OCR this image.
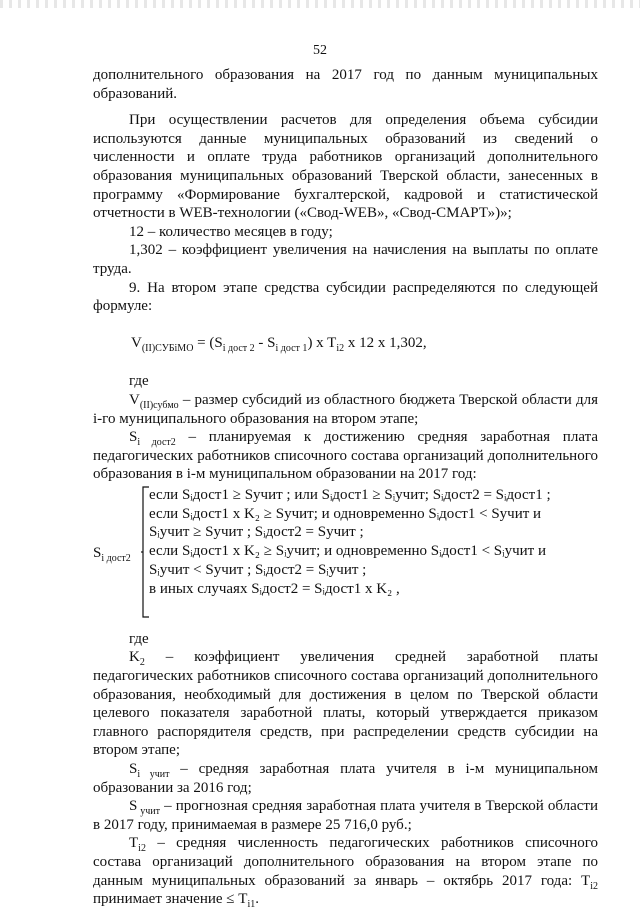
52

дополнительного образования на 2017 год по данным муниципальных образований.

При осуществлении расчетов для определения объема субсидии используются данные муниципальных образований из сведений о численности и оплате труда работников организаций дополнительного образования муниципальных образований Тверской области, занесенных в программу «Формирование бухгалтерской, кадровой и статистической отчетности в WEB-технологии («Свод-WEB», «Свод-СМАРТ»)»;

12 – количество месяцев в году;

1,302 – коэффициент увеличения на начисления на выплаты по оплате труда.

9. На втором этапе средства субсидии распределяются по следующей формуле:

$V_{(II)СУБiМО} = (S_{i дост 2} - S_{i дост 1})$ x $T_{i2}$ x 12 x 1,302,

где

$V_{(II)субмо}$ – размер субсидий из областного бюджета Тверской области для i-го муниципального образования на втором этапе;

$S_{i дост2}$ – планируемая к достижению средняя заработная плата педагогических работников списочного состава организаций дополнительного образования в i-м муниципальном образовании на 2017 год:

$S_{i дост2}$
если Sᵢдост1 ≥ Sучит ; или Sᵢдост1 ≥ Sᵢучит; Sᵢдост2 = Sᵢдост1 ;
если Sᵢдост1 x K₂ ≥ Sучит; и одновременно Sᵢдост1 < Sучит и
Sᵢучит ≥ Sучит ; Sᵢдост2 = Sучит ;
если Sᵢдост1 x K₂ ≥ Sᵢучит; и одновременно Sᵢдост1 < Sᵢучит и
Sᵢучит < Sучит ; Sᵢдост2 = Sᵢучит ;
в иных случаях Sᵢдост2 = Sᵢдост1 x K₂ ,

где

$K_2$ – коэффициент увеличения средней заработной платы педагогических работников списочного состава организаций дополнительного образования, необходимый для достижения в целом по Тверской области целевого показателя заработной платы, который утверждается приказом главного распорядителя средств, при распределении средств субсидии на втором этапе;

$S_{i учит}$ – средняя заработная плата учителя в i-м муниципальном образовании за 2016 год;

S $_{учит}$ – прогнозная средняя заработная плата учителя в Тверской области в 2017 году, принимаемая в размере 25 716,0 руб.;

$T_{i2}$ – средняя численность педагогических работников списочного состава организаций дополнительного образования на втором этапе по данным муниципальных образований за январь – октябрь 2017 года: $T_{i2}$ принимает значение ≤ $T_{i1}$.
